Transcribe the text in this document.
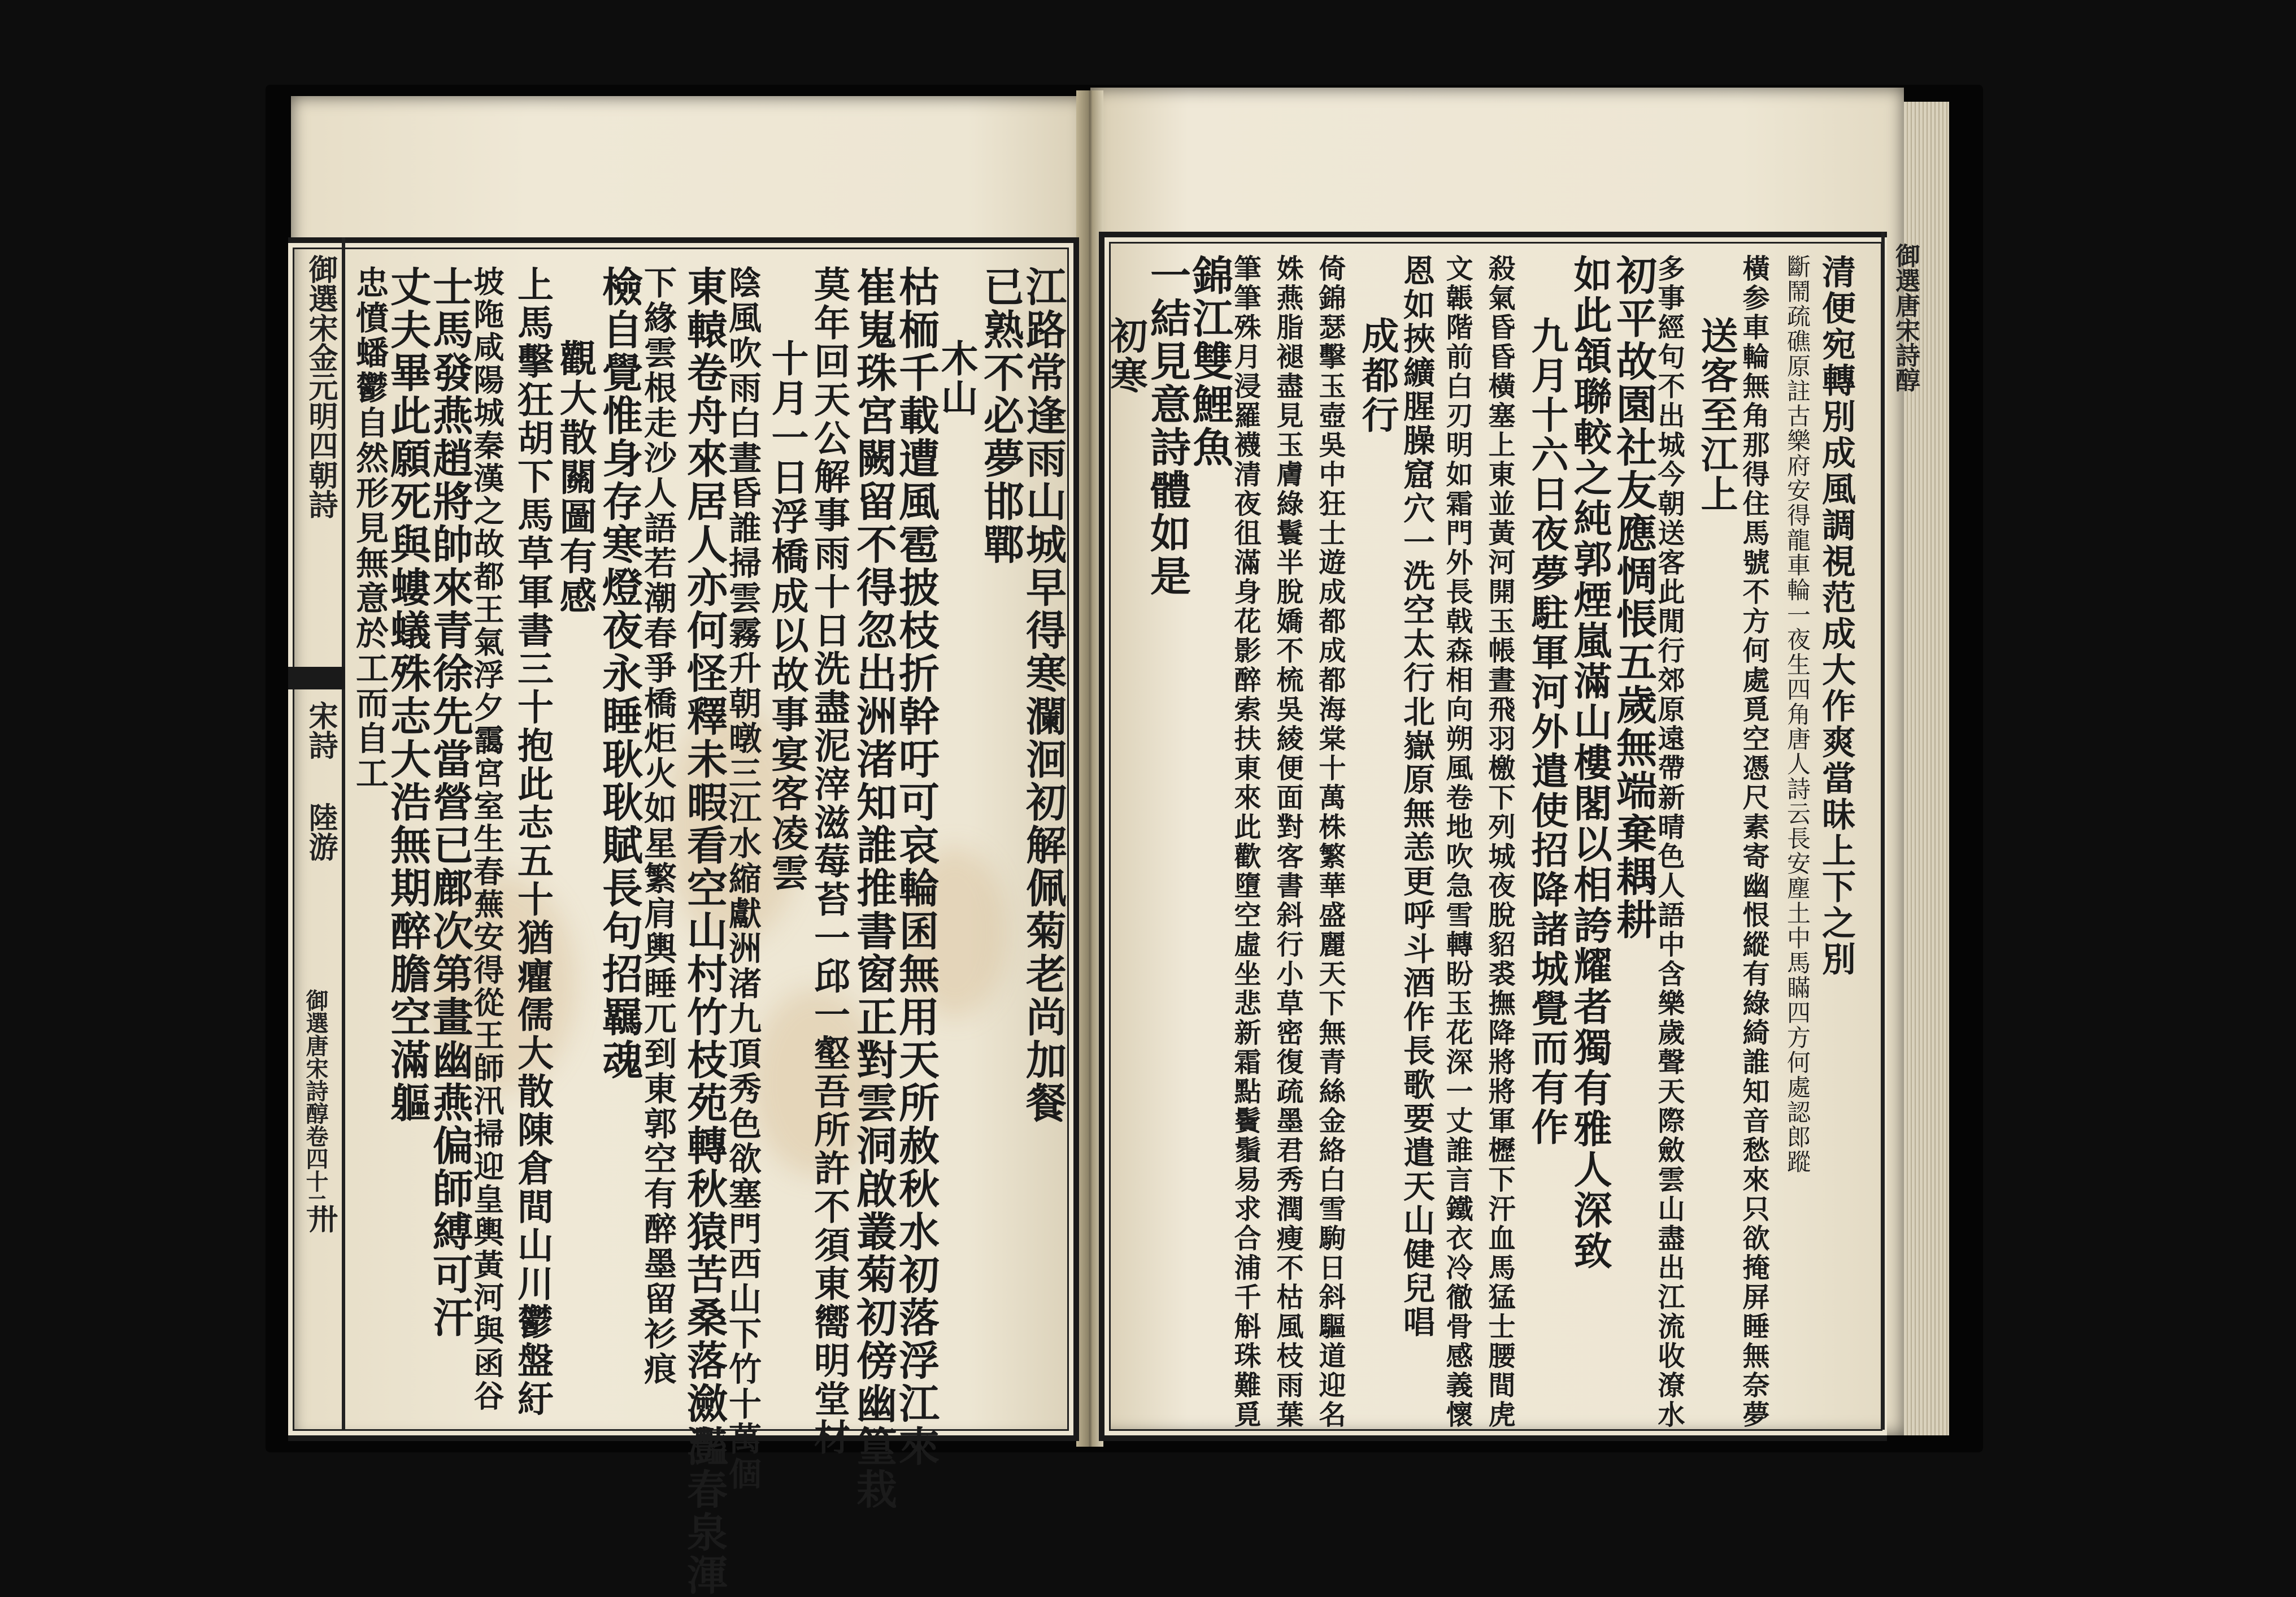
御選宋金元明四朝詩
宋詩
陸游
卅
江路常逢雨山城早得寒瀾洄初解佩菊老尚加餐
已熟不必夢邯鄲
木山
枯栭千載遭風雹披枝折幹吁可哀輪囷無用天所赦秋水初落浮江來
崔嵬珠宮闕留不得忽出洲渚知誰推書窗正對雲洞啟叢菊初傍幽篁栽
莫年回天公解事雨十日洗盡泥滓滋莓苔一邱一壑吾所許不須東嚮明堂材
十月一日浮橋成以故事宴客凌雲
陰風吹雨白晝昏誰掃雲霧升朝暾三江水縮獻洲渚九頂秀色欲塞門西山下竹十萬個
東轅卷舟來居人亦何怪釋未暇看空山村竹枝苑轉秋猿苦桑落瀲灩春泉渾
下緣雲根走沙人語若潮春爭橋炬火如星繁肩輿睡兀到東郭空有醉墨留衫痕
檢自覺惟身存寒燈夜永睡耿耿賦長句招羈魂
觀大散關圖有感
上馬擊狂胡下馬草軍書三十抱此志五十猶癯儒大散陳倉間山川鬱盤紆
坡陁咸陽城秦漢之故都王氣浮夕靄宮室生春蕪安得從王師汛掃迎皇輿黃河與函谷
士馬發燕趙將帥來青徐先當營已鄜次第畫幽燕偏師縛可汗
丈夫畢此願死與螻蟻殊志大浩無期醉膽空滿軀
忠憤蟠鬱自然形見無意於工而自工	御選唐宋詩醇
清便宛轉別成風調視范成大作爽當昧上下之別
斷鬧疏礁原註古樂府安得龍車輪一夜生四角唐人詩云長安塵土中馬瞞四方何處認郎蹤
橫参車輪無角那得住馬號不方何處覓空憑尺素寄幽恨縱有綠綺誰知音愁來只欲掩屏睡無奈夢
送客至江上
多事經句不出城今朝送客此閒行郊原遠帶新晴色人語中含樂歲聲天際斂雲山盡出江流收潦水
初平故園社友應惆悵五歲無端棄耦耕
如此頷聯較之純郭煙嵐滿山樓閣以相誇耀者獨有雅人深致
九月十六日夜夢駐軍河外遣使招降諸城覺而有作
殺氣昏昏橫塞上東並黃河開玉帳晝飛羽檄下列城夜脫貂裘撫降將將軍櫪下汗血馬猛士腰間虎
文韔階前白刃明如霜門外長戟森相向朔風卷地吹急雪轉盼玉花深一丈誰言鐵衣冷徹骨感義懷
恩如挾纊腥臊窟穴一洗空太行北嶽原無恙更呼斗酒作長歌要遣天山健兒唱
成都行
倚錦瑟擊玉壺吳中狂士遊成都成都海棠十萬株繁華盛麗天下無青絲金絡白雪駒日斜驅道迎名
姝燕脂褪盡見玉膚綠鬟半脫嬌不梳吳綾便面對客書斜行小草密復疏墨君秀潤瘦不枯風枝雨葉
筆筆殊月浸羅襪清夜徂滿身花影醉索扶東來此歡墮空虛坐悲新霜點鬢鬚易求合浦千斛珠難覓
錦江雙鯉魚
一結見意詩體如是
初寒
御選唐宋詩醇卷四十二
